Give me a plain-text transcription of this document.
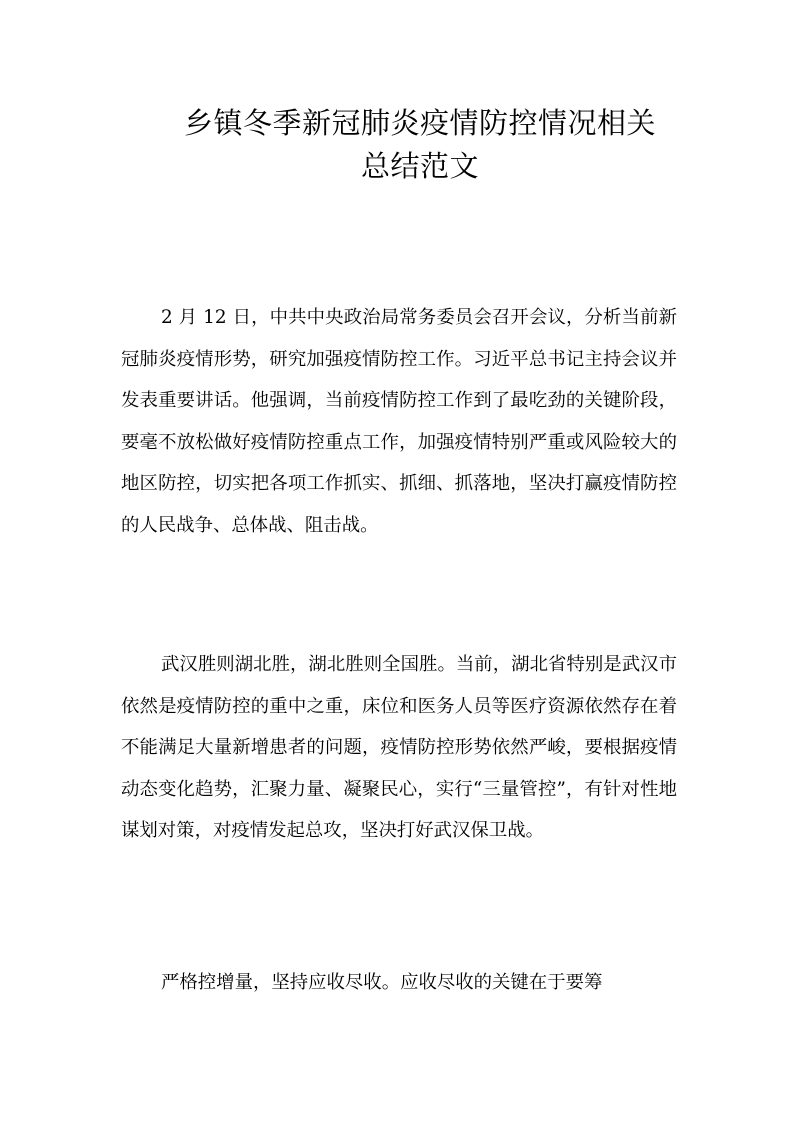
乡镇冬季新冠肺炎疫情防控情况相关
总结范文

2 月 12 日，中共中央政治局常务委员会召开会议，分析当前新冠肺炎疫情形势，研究加强疫情防控工作。习近平总书记主持会议并发表重要讲话。他强调，当前疫情防控工作到了最吃劲的关键阶段，要毫不放松做好疫情防控重点工作，加强疫情特别严重或风险较大的地区防控，切实把各项工作抓实、抓细、抓落地，坚决打赢疫情防控的人民战争、总体战、阻击战。

武汉胜则湖北胜，湖北胜则全国胜。当前，湖北省特别是武汉市依然是疫情防控的重中之重，床位和医务人员等医疗资源依然存在着不能满足大量新增患者的问题，疫情防控形势依然严峻，要根据疫情动态变化趋势，汇聚力量、凝聚民心，实行“三量管控”，有针对性地谋划对策，对疫情发起总攻，坚决打好武汉保卫战。

严格控增量，坚持应收尽收。应收尽收的关键在于要筹
